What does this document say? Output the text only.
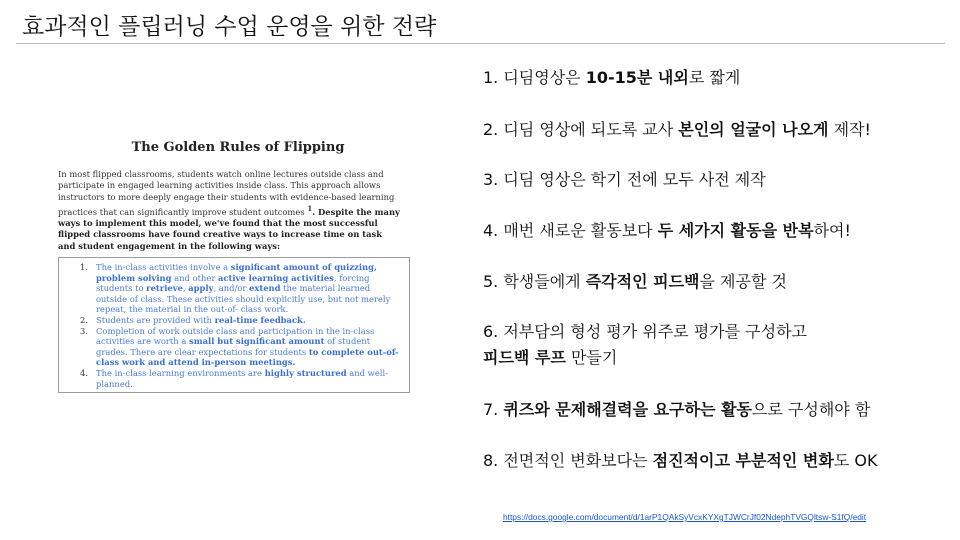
효과적인 플립러닝 수업 운영을 위한 전략
The Golden Rules of Flipping

In most flipped classrooms, students watch online lectures outside class and
participate in engaged learning activities inside class. This approach allows
instructors to more deeply engage their students with evidence-based learning
practices that can significantly improve student outcomes $^1$. Despite the many
ways to implement this model, we've found that the most successful
flipped classrooms have found creative ways to increase time on task
and student engagement in the following ways:

1. The in-class activities involve a significant amount of quizzing,
problem solving and other active learning activities, forcing students to retrieve, apply, and/or extend the material learned outside of class. These activities should explicitly use, but not merely repeat, the material in the out-of- class work.
2. Students are provided with real-time feedback.
3. Completion of work outside class and participation in the in-class activities are worth a small but significant amount of student grades. There are clear expectations for students to complete out-of-class work and attend in-person meetings.
4. The in-class learning environments are highly structured and well-planned.
1. 디딤영상은 10-15분 내외로 짧게
2. 디딤 영상에 되도록 교사 본인의 얼굴이 나오게 제작!
3. 디딤 영상은 학기 전에 모두 사전 제작
4. 매번 새로운 활동보다 두 세가지 활동을 반복하여!
5. 학생들에게 즉각적인 피드백을 제공할 것
6. 저부담의 형성 평가 위주로 평가를 구성하고
피드백 루프 만들기
7. 퀴즈와 문제해결력을 요구하는 활동으로 구성해야 함
8. 전면적인 변화보다는 점진적이고 부분적인 변화도 OK
https://docs.google.com/document/d/1arP1QAkSyVcxKYXgTJWCrJf02NdephTVGQltsw-S1fQ/edit
